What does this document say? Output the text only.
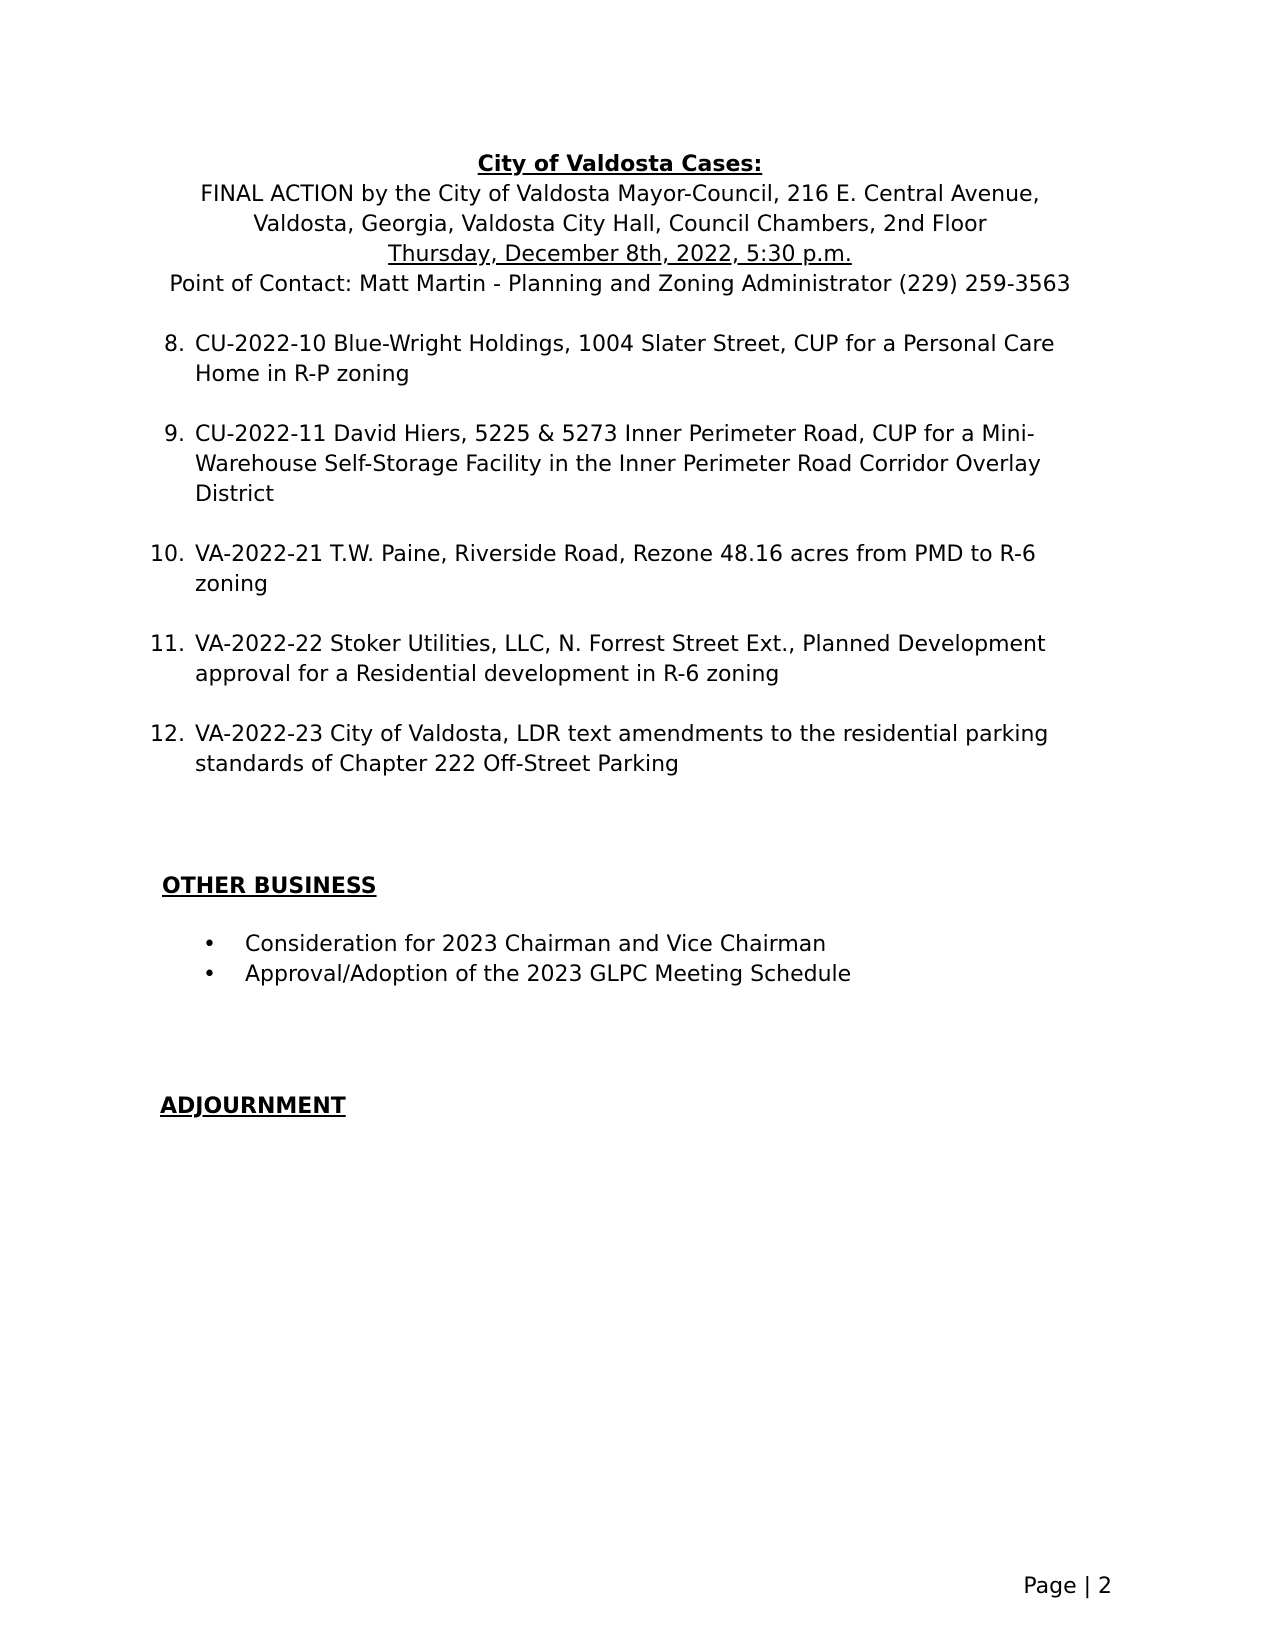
City of Valdosta Cases:
FINAL ACTION by the City of Valdosta Mayor-Council, 216 E. Central Avenue,
Valdosta, Georgia, Valdosta City Hall, Council Chambers, 2nd Floor
Thursday, December 8th, 2022, 5:30 p.m.
Point of Contact: Matt Martin - Planning and Zoning Administrator (229) 259-3563
8. CU-2022-10 Blue-Wright Holdings, 1004 Slater Street, CUP for a Personal Care Home in R-P zoning
9. CU-2022-11 David Hiers, 5225 & 5273 Inner Perimeter Road, CUP for a Mini-Warehouse Self-Storage Facility in the Inner Perimeter Road Corridor Overlay District
10. VA-2022-21 T.W. Paine, Riverside Road, Rezone 48.16 acres from PMD to R-6 zoning
11. VA-2022-22 Stoker Utilities, LLC, N. Forrest Street Ext., Planned Development approval for a Residential development in R-6 zoning
12. VA-2022-23 City of Valdosta, LDR text amendments to the residential parking standards of Chapter 222 Off-Street Parking
OTHER BUSINESS
•	Consideration for 2023 Chairman and Vice Chairman
•	Approval/Adoption of the 2023 GLPC Meeting Schedule
ADJOURNMENT
Page | 2
